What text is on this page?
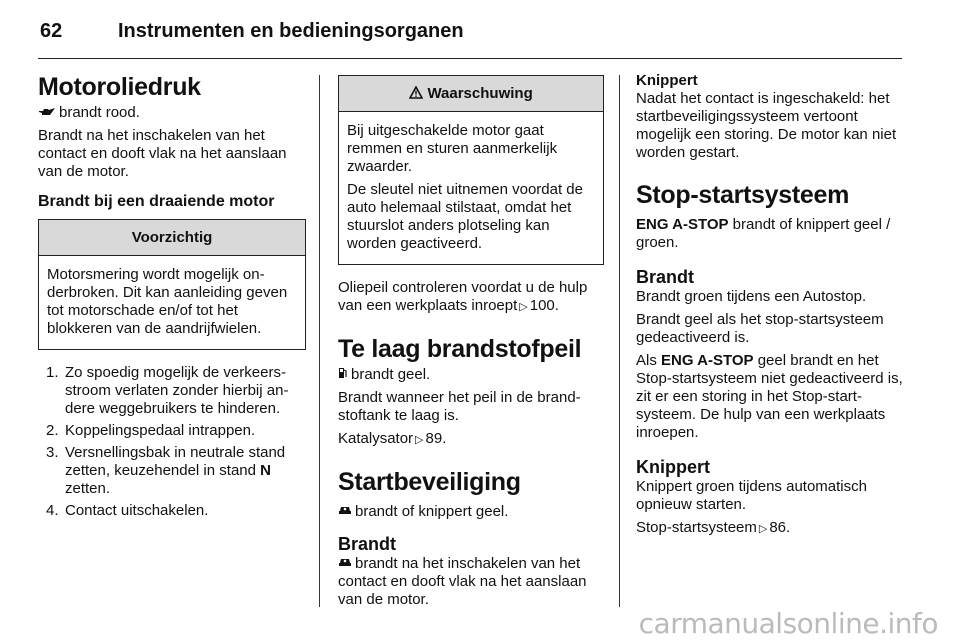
62	Instrumenten en bedieningsorganen
Motoroliedruk

brandt rood.

Brandt na het inschakelen van het contact en dooft vlak na het aanslaan van de motor.

Brandt bij een draaiende motor
Voorzichtig

Motorsmering wordt mogelijk onderbroken. Dit kan aanleiding geven tot motorschade en/of tot het blokkeren van de aandrijfwielen.

1. Zo spoedig mogelijk de verkeersstroom verlaten zonder hierbij andere weggebruikers te hinderen.
2. Koppelingspedaal intrappen.
3. Versnellingsbak in neutrale stand zetten, keuzehendel in stand N zetten.
4. Contact uitschakelen.
Waarschuwing

Bij uitgeschakelde motor gaat remmen en sturen aanmerkelijk zwaarder.

De sleutel niet uitnemen voordat de auto helemaal stilstaat, omdat het stuurslot anders plotseling kan worden geactiveerd.

Oliepeil controleren voordat u de hulp van een werkplaats inroept ▷ 100.

Te laag brandstofpeil

brandt geel.

Brandt wanneer het peil in de brandstoftank te laag is.

Katalysator ▷ 89.

Startbeveiliging

brandt of knippert geel.

Brandt

brandt na het inschakelen van het contact en dooft vlak na het aanslaan van de motor.

Knippert

Nadat het contact is ingeschakeld: het startbeveiligingssysteem vertoont mogelijk een storing. De motor kan niet worden gestart.

Stop-startsysteem

ENG A-STOP brandt of knippert geel / groen.

Brandt

Brandt groen tijdens een Autostop.

Brandt geel als het stop-startsysteem gedeactiveerd is.

Als ENG A-STOP geel brandt en het Stop-startsysteem niet gedeactiveerd is, zit er een storing in het Stop-startsysteem. De hulp van een werkplaats inroepen.

Knippert

Knippert groen tijdens automatisch opnieuw starten.

Stop-startsysteem ▷ 86.

carmanualsonline.info
